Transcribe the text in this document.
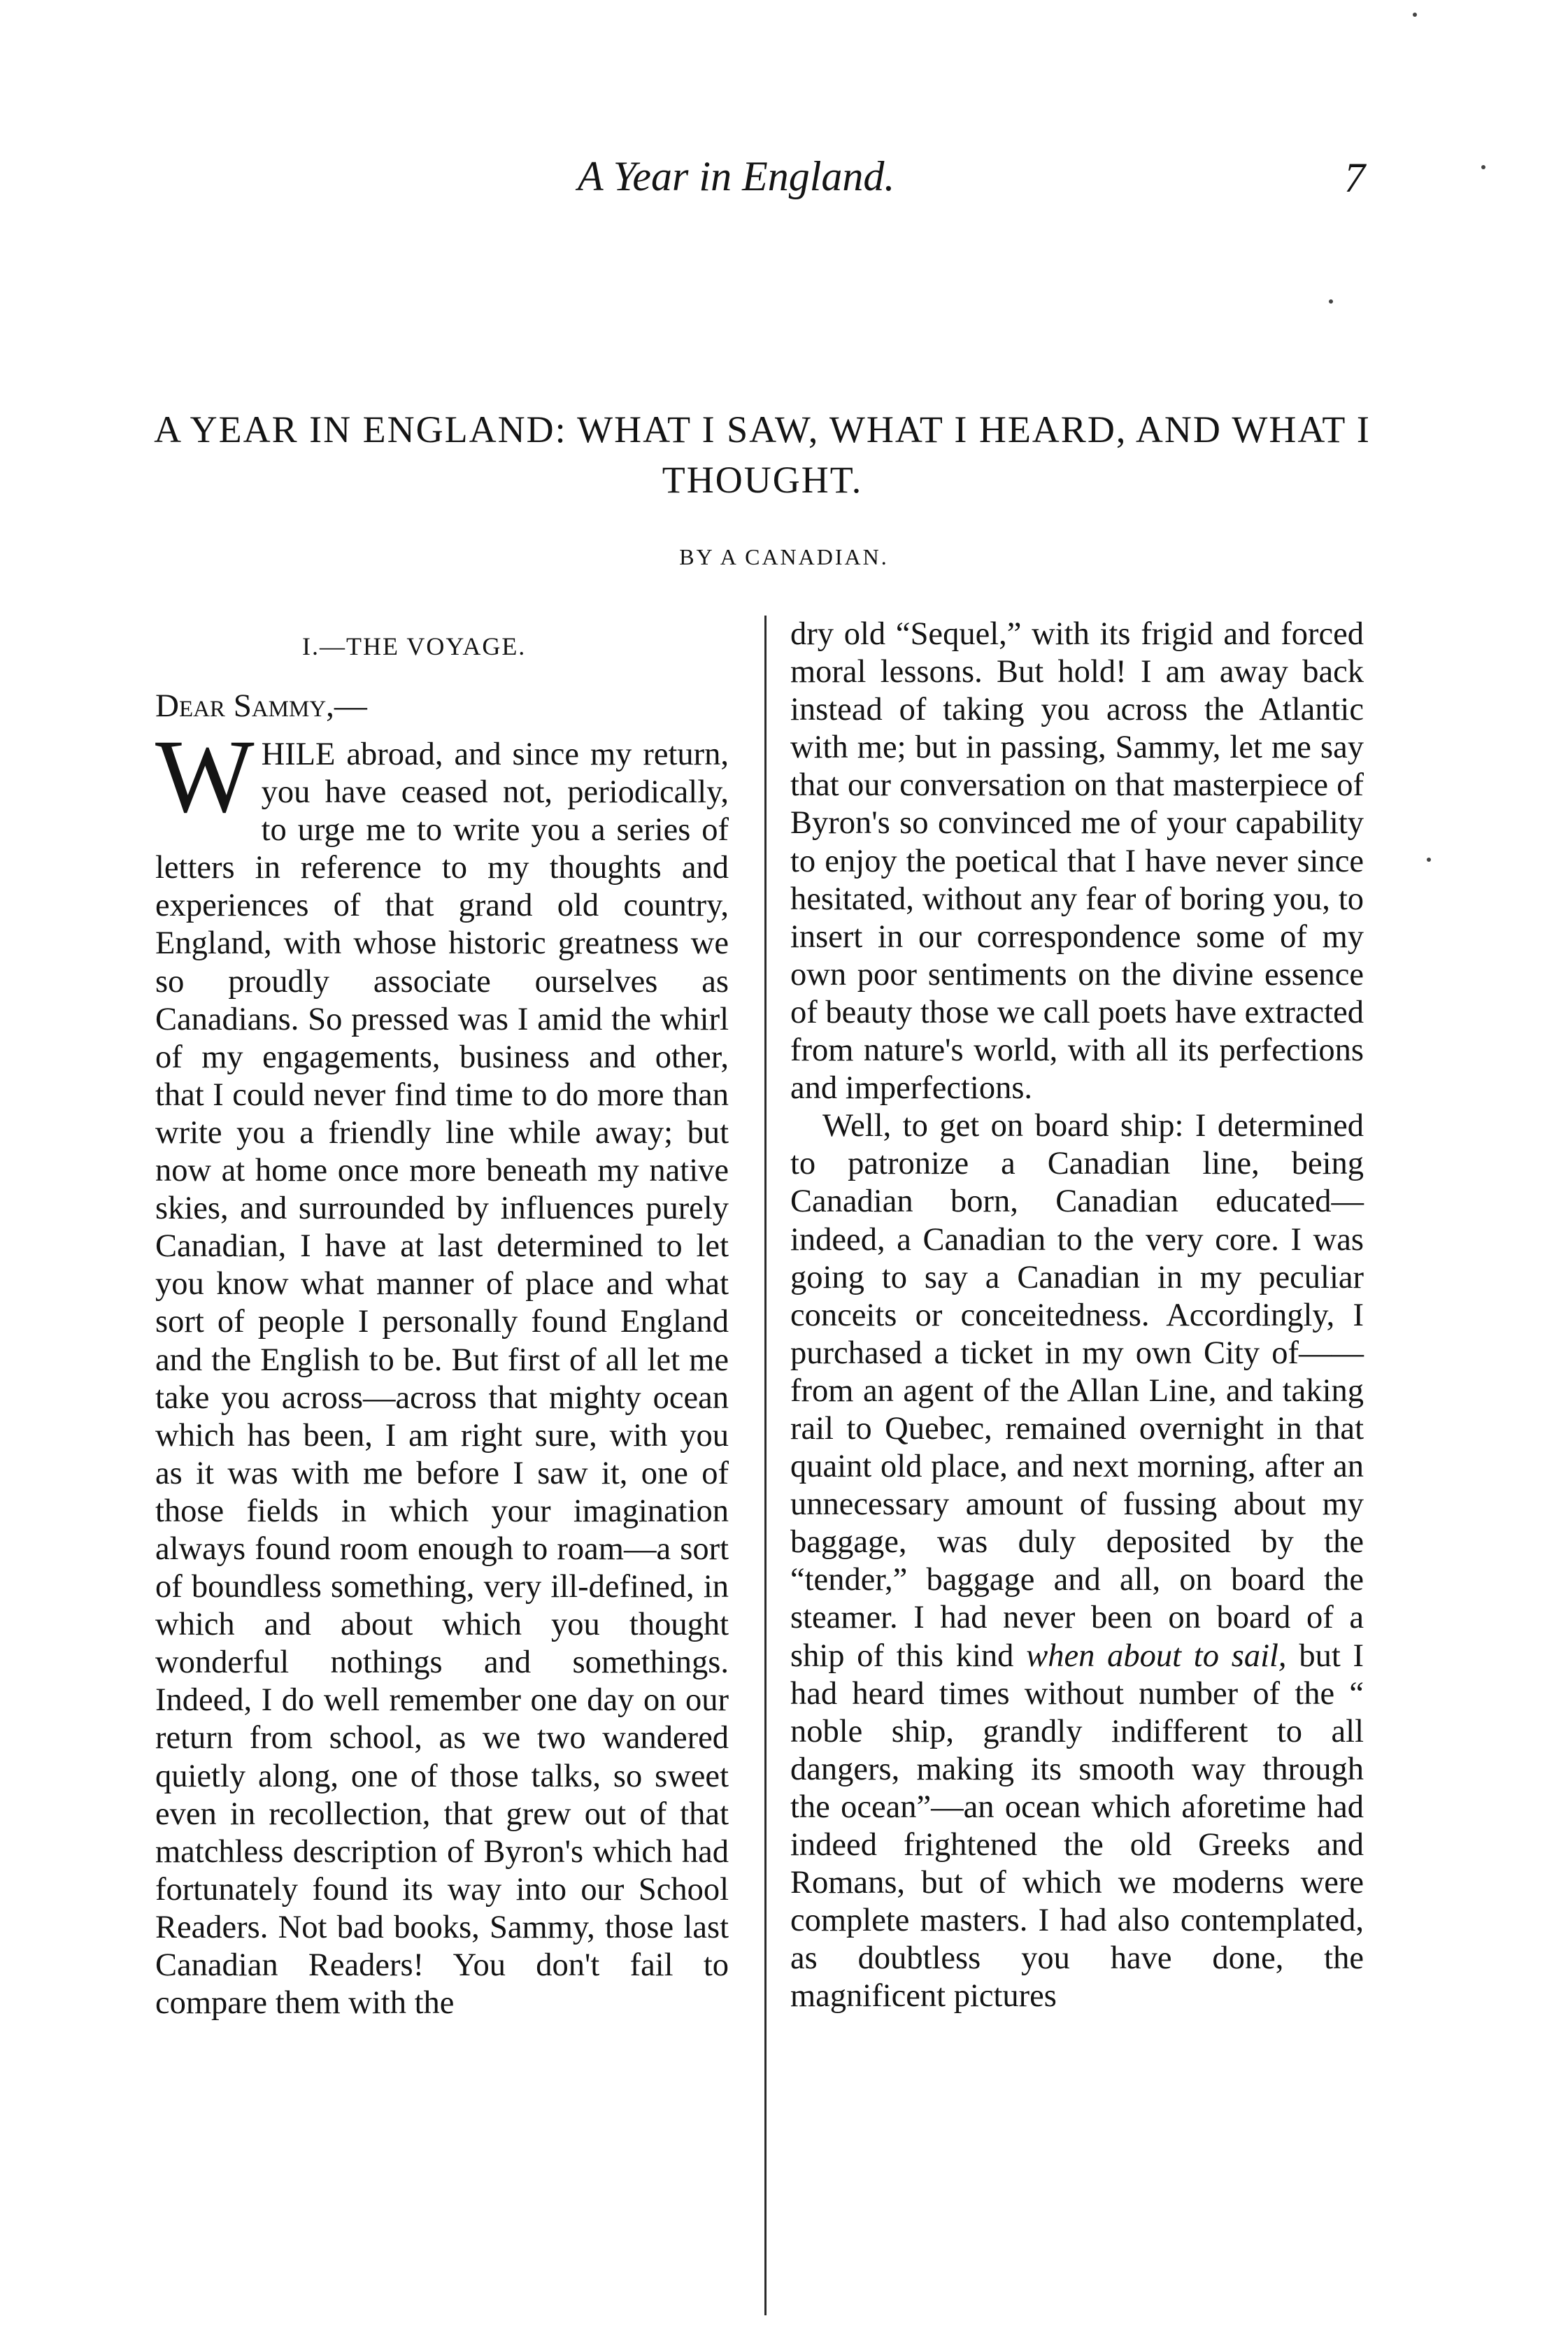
A Year in England.	7
A YEAR IN ENGLAND: WHAT I SAW, WHAT I HEARD, AND WHAT I THOUGHT.
BY A CANADIAN.
I.—THE VOYAGE.
Dear Sammy,—

WHILE abroad, and since my return, you have ceased not, periodically, to urge me to write you a series of letters in reference to my thoughts and experiences of that grand old country, England, with whose historic greatness we so proudly associate ourselves as Canadians. So pressed was I amid the whirl of my engagements, business and other, that I could never find time to do more than write you a friendly line while away; but now at home once more beneath my native skies, and surrounded by influences purely Canadian, I have at last determined to let you know what manner of place and what sort of people I personally found England and the English to be. But first of all let me take you across—across that mighty ocean which has been, I am right sure, with you as it was with me before I saw it, one of those fields in which your imagination always found room enough to roam—a sort of boundless something, very ill-defined, in which and about which you thought wonderful nothings and somethings. Indeed, I do well remember one day on our return from school, as we two wandered quietly along, one of those talks, so sweet even in recollection, that grew out of that matchless description of Byron's which had fortunately found its way into our School Readers. Not bad books, Sammy, those last Canadian Readers! You don't fail to compare them with the

dry old “Sequel,” with its frigid and forced moral lessons. But hold! I am away back instead of taking you across the Atlantic with me; but in passing, Sammy, let me say that our conversation on that masterpiece of Byron's so convinced me of your capability to enjoy the poetical that I have never since hesitated, without any fear of boring you, to insert in our correspondence some of my own poor sentiments on the divine essence of beauty those we call poets have extracted from nature's world, with all its perfections and imperfections.

Well, to get on board ship: I determined to patronize a Canadian line, being Canadian born, Canadian educated—indeed, a Canadian to the very core. I was going to say a Canadian in my peculiar conceits or conceitedness. Accordingly, I purchased a ticket in my own City of—— from an agent of the Allan Line, and taking rail to Quebec, remained overnight in that quaint old place, and next morning, after an unnecessary amount of fussing about my baggage, was duly deposited by the “tender,” baggage and all, on board the steamer. I had never been on board of a ship of this kind when about to sail, but I had heard times without number of the “ noble ship, grandly indifferent to all dangers, making its smooth way through the ocean”—an ocean which aforetime had indeed frightened the old Greeks and Romans, but of which we moderns were complete masters. I had also contemplated, as doubtless you have done, the magnificent pictures
